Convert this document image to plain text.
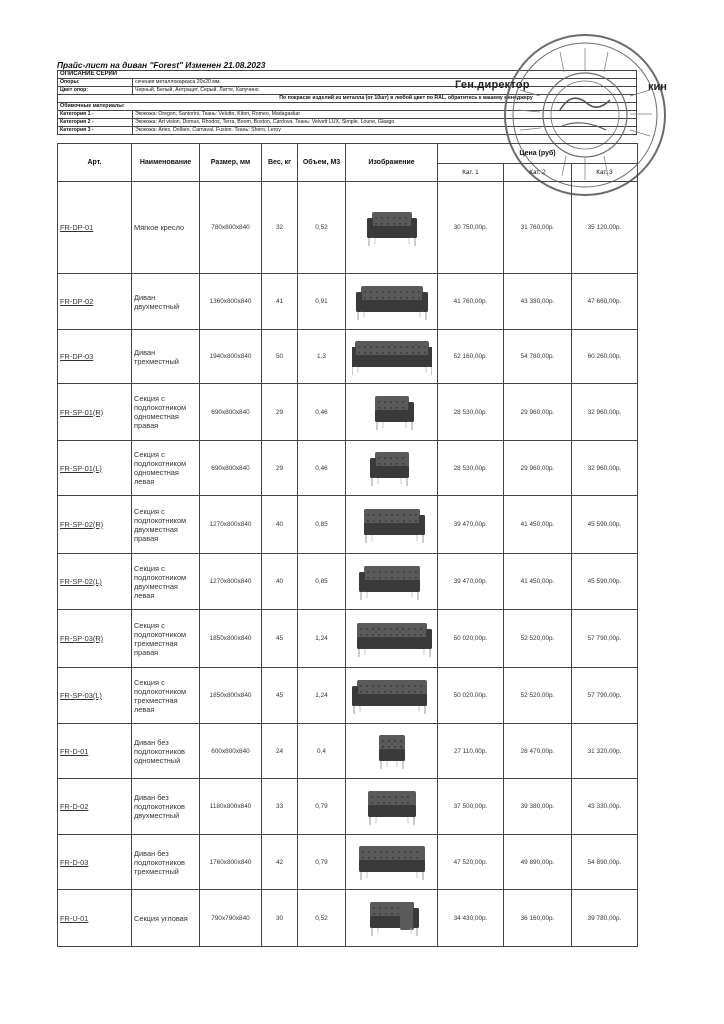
Прайс-лист на диван "Forest" Изменен 21.08.2023
ОПИСАНИЕ СЕРИИ	
Опоры:	сечения металлокаркаса 20х20 мм.
Цвет опор:	Черный, Белый, Антрацит, Серый, Латте, Капучино
По покраске изделий из металла (от 10шт) в любой цвет по RAL, обратитесь к вашему менеджеру	
Обивочные материалы:	
Категория 1 -	Экокожа: Oregon, Santorini. Ткань: Velutto, Kiton, Romeo, Madagaskar
Категория 2 -	Экокожа: Art vision, Domus, Rhodos, Terra, Boom, Boston, Cardova. Ткань: Velvett LUX, Simple, Loune, Glasgo
Категория 3 -	Экокожа: Aries, Dollaro, Carnaval, Fusion. Ткань: Shero, Leroy
Ген.директор	кин
Арт.	Наименование	Размер, мм	Вес, кг	Объем, М3	Изображение	Цена (руб)		
						Кат. 1	Кат. 2	Кат. 3
FR-DP-01	Мягкое кресло	780х800х840	32	0,52		30 750,00р.	31 760,00р.	35 120,00р.
FR-DP-02	Диван двухместный	1360х800х840	41	0,91		41 760,00р.	43 330,00р.	47 660,00р.
FR-DP-03	Диван трехместный	1940х800х840	50	1,3		52 160,00р.	54 780,00р.	60 260,00р.
FR-SP-01(R)	Секция с подлокотником одноместная правая	690х800х840	29	0,46		28 530,00р.	29 960,00р.	32 960,00р.
FR-SP-01(L)	Секция с подлокотником одноместная левая	690х800х840	29	0,46		28 530,00р.	29 960,00р.	32 960,00р.
FR-SP-02(R)	Секция с подлокотником двухместная правая	1270х800х840	40	0,85		39 470,00р.	41 450,00р.	45 590,00р.
FR-SP-02(L)	Секция с подлокотником двухместная левая	1270х800х840	40	0,85		39 470,00р.	41 450,00р.	45 590,00р.
FR-SP-03(R)	Секция с подлокотником трехместная правая	1850х800х840	45	1,24		50 020,00р.	52 520,00р.	57 790,00р.
FR-SP-03(L)	Секция с подлокотником трехместная левая	1850х800х840	45	1,24		50 020,00р.	52 520,00р.	57 790,00р.
FR-D-01	Диван без подлокотников одноместный	600х800х840	24	0,4		27 110,00р.	28 470,00р.	31 320,00р.
FR-D-02	Диван без подлокотников двухместный	1180х800х840	33	0,79		37 500,00р.	39 380,00р.	43 330,00р.
FR-D-03	Диван без подлокотников трехместный	1760х800х840	42	0,79		47 520,00р.	49 890,00р.	54 890,00р.
FR-U-01	Секция угловая	790х790х840	30	0,52		34 430,00р.	36 160,00р.	39 780,00р.
